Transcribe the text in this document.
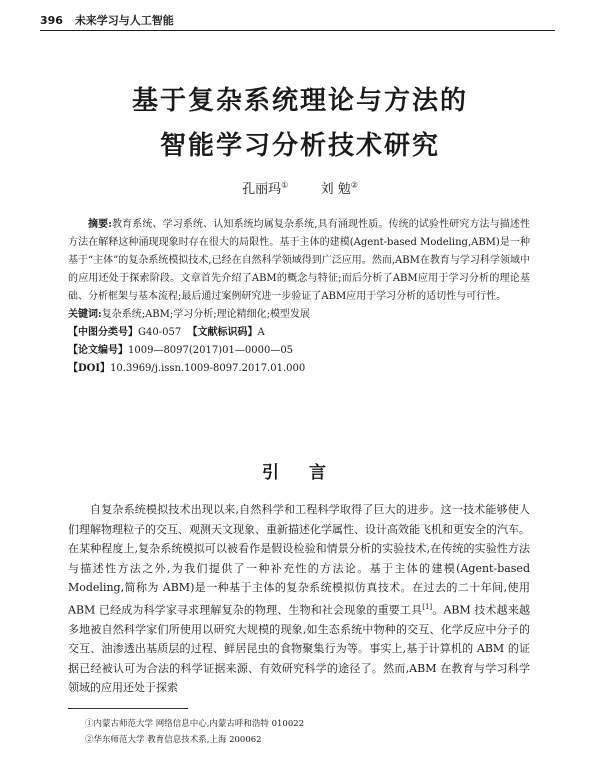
396 未来学习与人工智能
基于复杂系统理论与方法的
智能学习分析技术研究
孔丽玛① 刘 勉②

摘要:教育系统、学习系统、认知系统均属复杂系统,具有涌现性质。传统的试验性研究方法与描述性方法在解释这种涌现现象时存在很大的局限性。基于主体的建模(Agent-based Modeling,ABM)是一种基于“主体”的复杂系统模拟技术,已经在自然科学领域得到广泛应用。然而,ABM在教育与学习科学领域中的应用还处于探索阶段。文章首先介绍了ABM的概念与特征;而后分析了ABM应用于学习分析的理论基础、分析框架与基本流程;最后通过案例研究进一步验证了ABM应用于学习分析的适切性与可行性。

关键词:复杂系统;ABM;学习分析;理论精细化;模型发展
【中图分类号】G40-057 【文献标识码】A
【论文编号】1009—8097(2017)01—0000—05
【DOI】10.3969/j.issn.1009-8097.2017.01.000
引 言

自复杂系统模拟技术出现以来,自然科学和工程科学取得了巨大的进步。这一技术能够使人们理解物理粒子的交互、观测天文现象、重新描述化学属性、设计高效能飞机和更安全的汽车。在某种程度上,复杂系统模拟可以被看作是假设检验和情景分析的实验技术,在传统的实验性方法与描述性方法之外,为我们提供了一种补充性的方法论。基于主体的建模(Agent-based Modeling,简称为 ABM)是一种基于主体的复杂系统模拟仿真技术。在过去的二十年间,使用 ABM 已经成为科学家寻求理解复杂的物理、生物和社会现象的重要工具[1]。ABM 技术越来越多地被自然科学家们所使用以研究大规模的现象,如生态系统中物种的交互、化学反应中分子的交互、油渗透出基质层的过程、鲜居昆虫的食物聚集行为等。事实上,基于计算机的 ABM 的证据已经被认可为合法的科学证据来源、有效研究科学的途径了。然而,ABM 在教育与学习科学领域的应用还处于探索

①内蒙古师范大学 网络信息中心,内蒙古呼和浩特 010022
②华东师范大学 教育信息技术系,上海 200062
